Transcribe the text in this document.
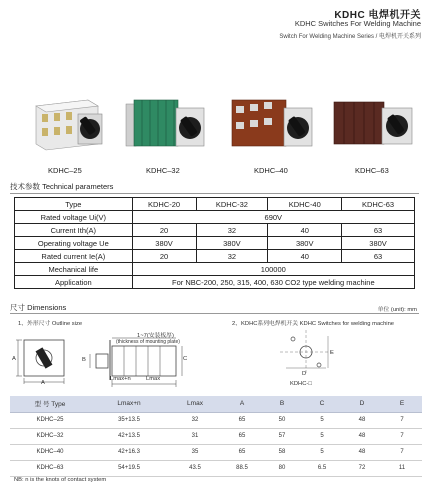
KDHC 电焊机开关
KDHC Switches For Welding Machine
Switch For Welding Machine Series / 电焊机开关系列
KDHC–25	KDHC–32	KDHC–40	KDHC–63
技术参数 Technical parameters
Type	KDHC-20	KDHC-32	KDHC-40	KDHC-63
Rated voltage Ui(V)	690V			
Current Ith(A)	20	32	40	63
Operating voltage Ue	380V	380V	380V	380V
Rated current Ie(A)	20	32	40	63
Mechanical life	100000			
Application	For NBC-200, 250, 315, 400, 630 CO2 type welding machine			
尺寸 Dimensions	单位 (unit): mm
1、外形尺寸 Outline size	2、KDHC系列电焊机开关 KDHC Switches for welding machine
A
A
1~7(安装板厚)
(thickness of mounting plate)
B	C
Lmax+n	Lmax
D
E
KDHC-□
型 号 Type	Lmax+n	Lmax	A	B	C	D	E
KDHC–25	35+13.5	32	65	50	5	48	7
KDHC–32	42+13.5	31	65	57	5	48	7
KDHC–40	42+16.3	35	65	58	5	48	7
KDHC–63	54+19.5	43.5	88.5	80	6.5	72	11
NB: n is the knots of contact system
